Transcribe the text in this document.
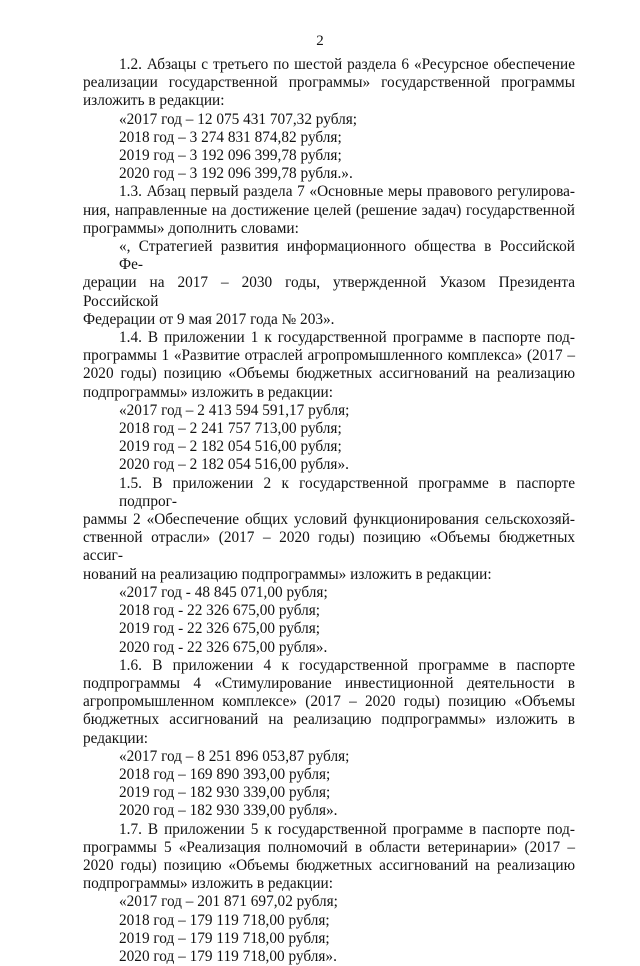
2
1.2. Абзацы с третьего по шестой раздела 6 «Ресурсное обеспечение
реализации государственной программы» государственной программы
изложить в редакции:
«2017 год – 12 075 431 707,32 рубля;
2018 год – 3 274 831 874,82 рубля;
2019 год – 3 192 096 399,78 рубля;
2020 год – 3 192 096 399,78 рубля.».
1.3. Абзац первый раздела 7 «Основные меры правового регулирова-
ния, направленные на достижение целей (решение задач) государственной
программы» дополнить словами:
«, Стратегией развития информационного общества в Российской Фе-
дерации на 2017 – 2030 годы, утвержденной Указом Президента Российской
Федерации от 9 мая 2017 года № 203».
1.4. В приложении 1 к государственной программе в паспорте под-
программы 1 «Развитие отраслей агропромышленного комплекса» (2017 –
2020 годы) позицию «Объемы бюджетных ассигнований на реализацию
подпрограммы» изложить в редакции:
«2017 год – 2 413 594 591,17 рубля;
2018 год – 2 241 757 713,00 рубля;
2019 год – 2 182 054 516,00 рубля;
2020 год – 2 182 054 516,00 рубля».
1.5. В приложении 2 к государственной программе в паспорте подпрог-
раммы 2 «Обеспечение общих условий функционирования сельскохозяй-
ственной отрасли» (2017 – 2020 годы) позицию «Объемы бюджетных ассиг-
нований на реализацию подпрограммы» изложить в редакции:
«2017 год - 48 845 071,00 рубля;
2018 год - 22 326 675,00 рубля;
2019 год - 22 326 675,00 рубля;
2020 год - 22 326 675,00 рубля».
1.6. В приложении 4 к государственной программе в паспорте
подпрограммы 4 «Стимулирование инвестиционной деятельности в
агропромышленном комплексе» (2017 – 2020 годы) позицию «Объемы
бюджетных ассигнований на реализацию подпрограммы» изложить в
редакции:
«2017 год – 8 251 896 053,87 рубля;
2018 год – 169 890 393,00 рубля;
2019 год – 182 930 339,00 рубля;
2020 год – 182 930 339,00 рубля».
1.7. В приложении 5 к государственной программе в паспорте под-
программы 5 «Реализация полномочий в области ветеринарии» (2017 –
2020 годы) позицию «Объемы бюджетных ассигнований на реализацию
подпрограммы» изложить в редакции:
«2017 год – 201 871 697,02 рубля;
2018 год – 179 119 718,00 рубля;
2019 год – 179 119 718,00 рубля;
2020 год – 179 119 718,00 рубля».
